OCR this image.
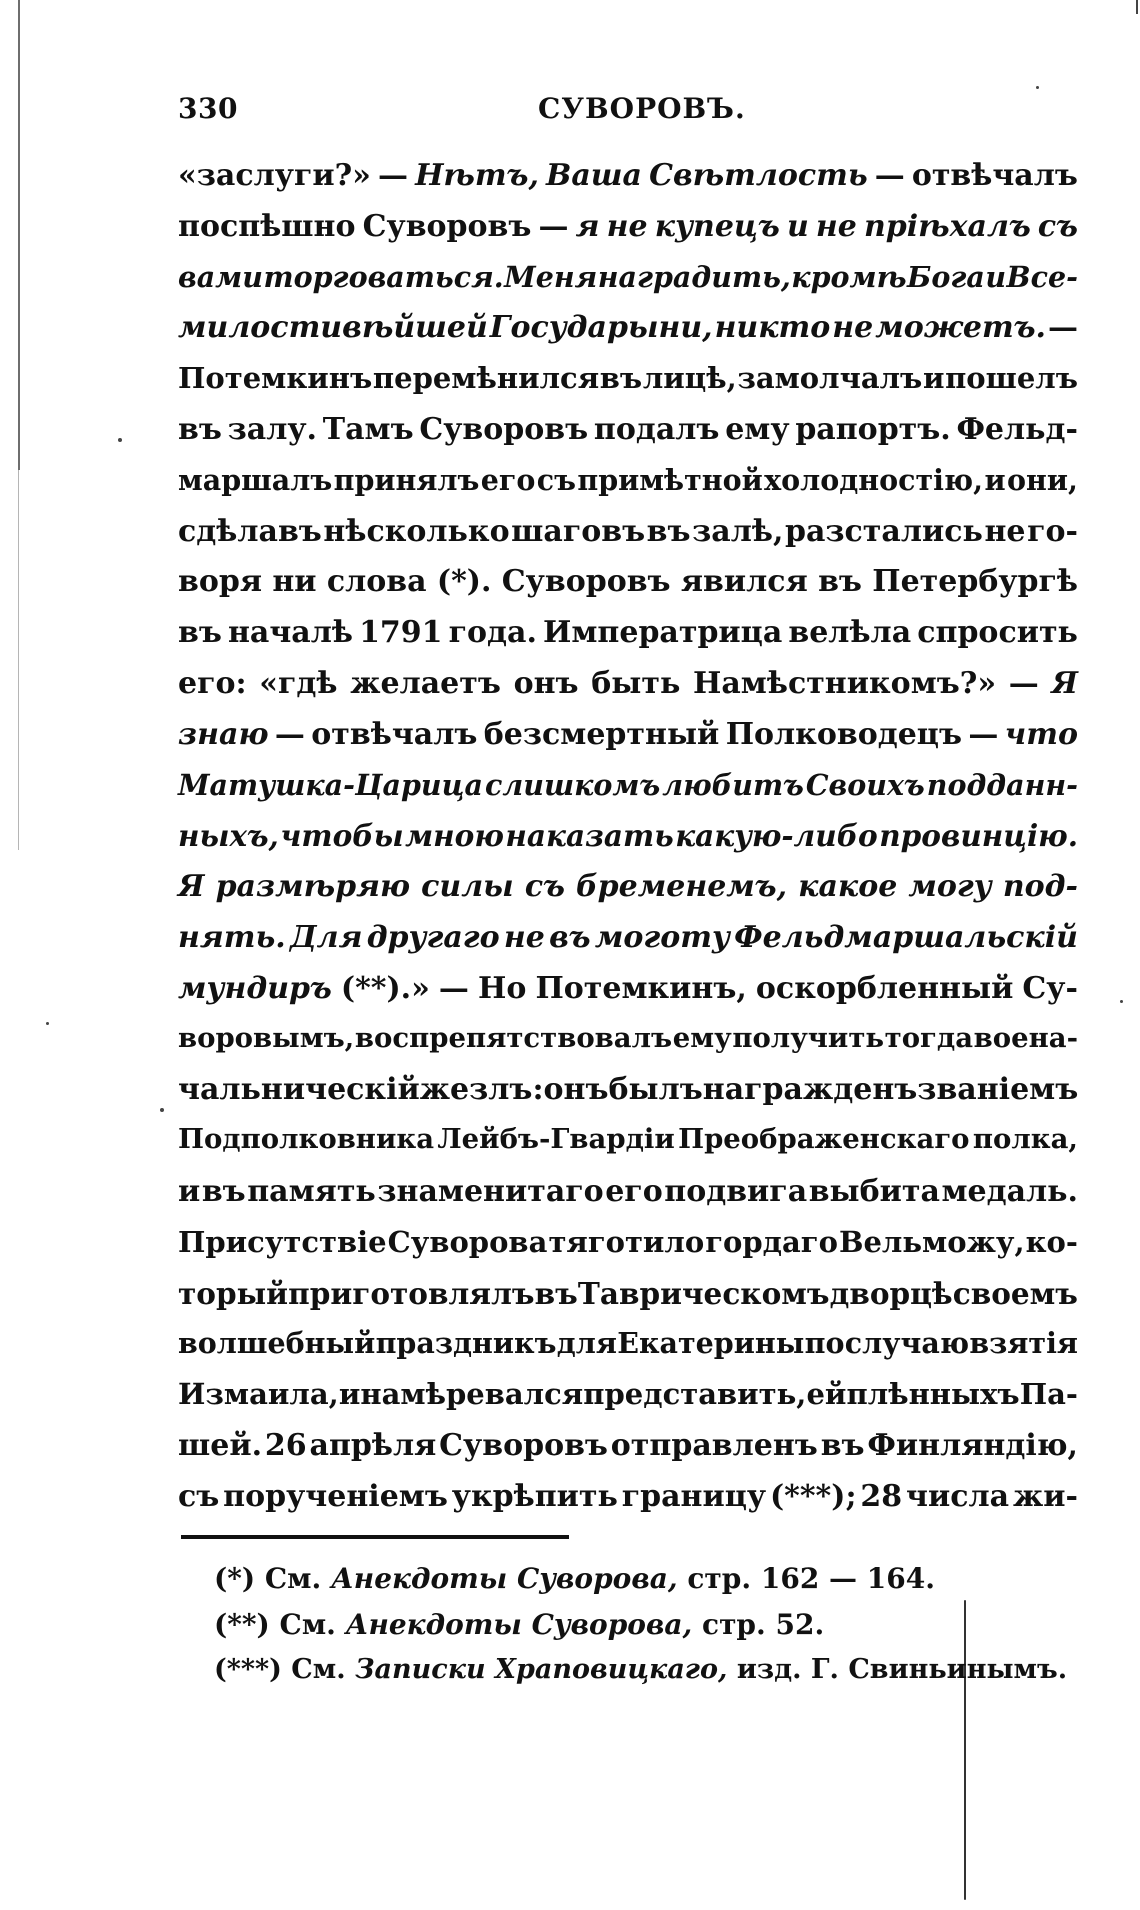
330	СУВОРОВЪ.
«заслуги?» — Нѣтъ, Ваша Свѣтлость — отвѣчалъ
поспѣшно Суворовъ — я не купецъ и не пріѣхалъ съ
вами торговаться. Меня наградить, кромѣ Бога и Все-
милостивѣйшей Государыни, никто не можетъ. —
Потемкинъ перемѣнился въ лицѣ, замолчалъ и пошелъ
въ залу. Тамъ Суворовъ подалъ ему рапортъ. Фельд-
маршалъ принялъ его съ примѣтной холодностію, и они,
сдѣлавъ нѣсколько шаговъ въ залѣ, разстались не го-
воря ни слова (*). Суворовъ явился въ Петербургѣ
въ началѣ 1791 года. Императрица велѣла спросить
его: «гдѣ желаетъ онъ быть Намѣстникомъ?» — Я
знаю — отвѣчалъ безсмертный Полководецъ — что
Матушка-Царица слишкомъ любитъ Своихъ подданн-
ныхъ, чтобы мною наказать какую-либо провинцію.
Я размѣряю силы съ бременемъ, какое могу под-
нять. Для другаго не въ моготу Фельдмаршальскій
мундиръ (**).» — Но Потемкинъ, оскорбленный Су-
воровымъ, воспрепятствовалъ ему получить тогда военa-
чальническій жезлъ: онъ былъ награжденъ званіемъ
Подполковника Лейбъ-Гвардіи Преображенскаго полка,
и въ память знаменитаго его подвига выбита медаль.
Присутствіе Суворова тяготило гордаго Вельможу, ко-
торый приготовлялъ въ Таврическомъ дворцѣ своемъ
волшебный праздникъ для Екатерины по случаю взятія
Измаила, и намѣревался представить, ей плѣнныхъ Па-
шей. 26 апрѣля Суворовъ отправленъ въ Финляндію,
съ порученіемъ укрѣпить границу (***); 28 числа жи-
(*) См. Анекдоты Суворова, стр. 162 — 164.
(**) См. Анекдоты Суворова, стр. 52.
(***) См. Записки Храповицкаго, изд. Г. Свиньинымъ.
